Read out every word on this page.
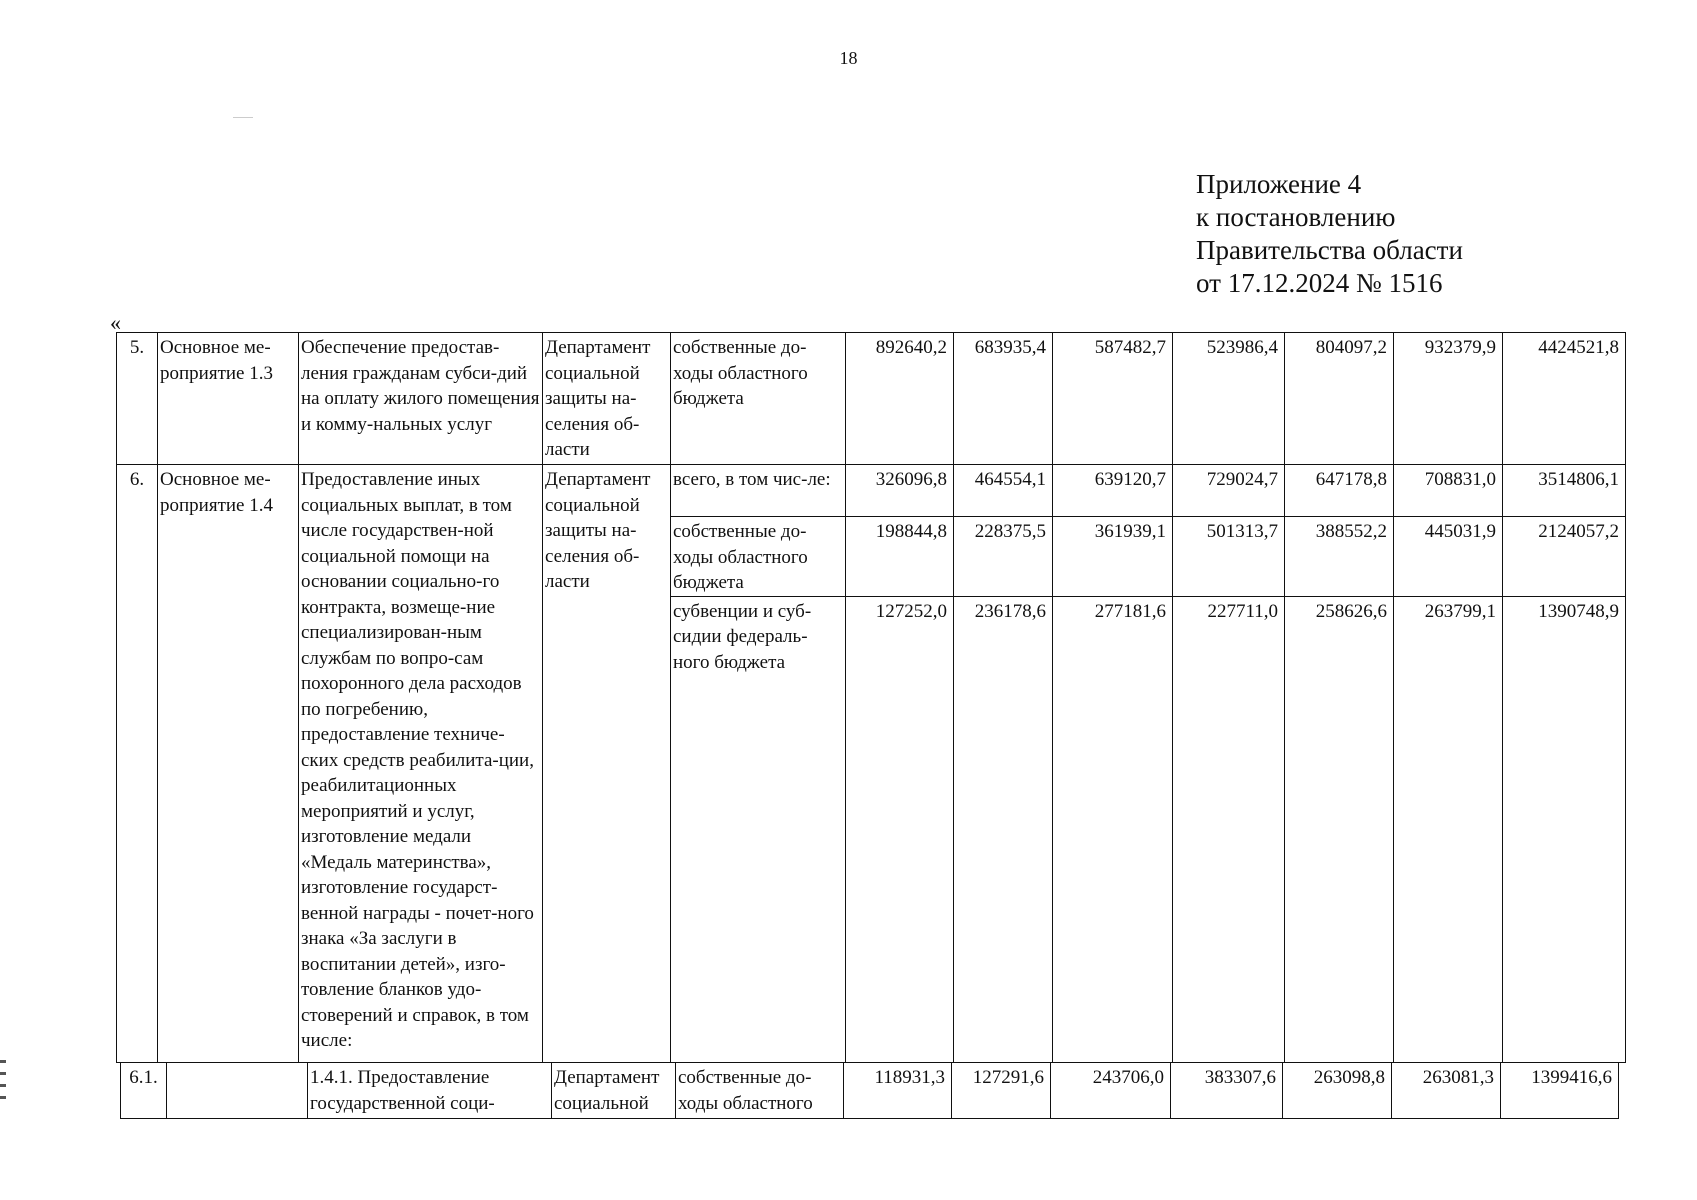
18
Приложение 4
к постановлению
Правительства области
от 17.12.2024 № 1516
«
5.	Основное ме-роприятие 1.3	Обеспечение предостав-ления гражданам субси-дий на оплату жилого помещения и комму-нальных услуг	Департамент социальной защиты на-селения об-ласти	собственные до-ходы областного бюджета	892640,2	683935,4	587482,7	523986,4	804097,2	932379,9	4424521,8
6.	Основное ме-роприятие 1.4	Предоставление иных социальных выплат, в том числе государствен-ной социальной помощи на основании социально-го контракта, возмеще-ние специализирован-ным службам по вопро-сам похоронного дела расходов по погребению, предоставление техниче-ских средств реабилита-ции, реабилитационных мероприятий и услуг, изготовление медали «Медаль материнства», изготовление государст-венной награды - почет-ного знака «За заслуги в воспитании детей», изго-товление бланков удо-стоверений и справок, в том числе:	Департамент социальной защиты на-селения об-ласти	всего, в том чис-ле:	326096,8	464554,1	639120,7	729024,7	647178,8	708831,0	3514806,1
				собственные до-ходы областного бюджета	198844,8	228375,5	361939,1	501313,7	388552,2	445031,9	2124057,2
				субвенции и суб-сидии федераль-ного бюджета	127252,0	236178,6	277181,6	227711,0	258626,6	263799,1	1390748,9
6.1.		1.4.1. Предоставление государственной соци-	Департамент социальной	собственные до-ходы областного	118931,3	127291,6	243706,0	383307,6	263098,8	263081,3	1399416,6
